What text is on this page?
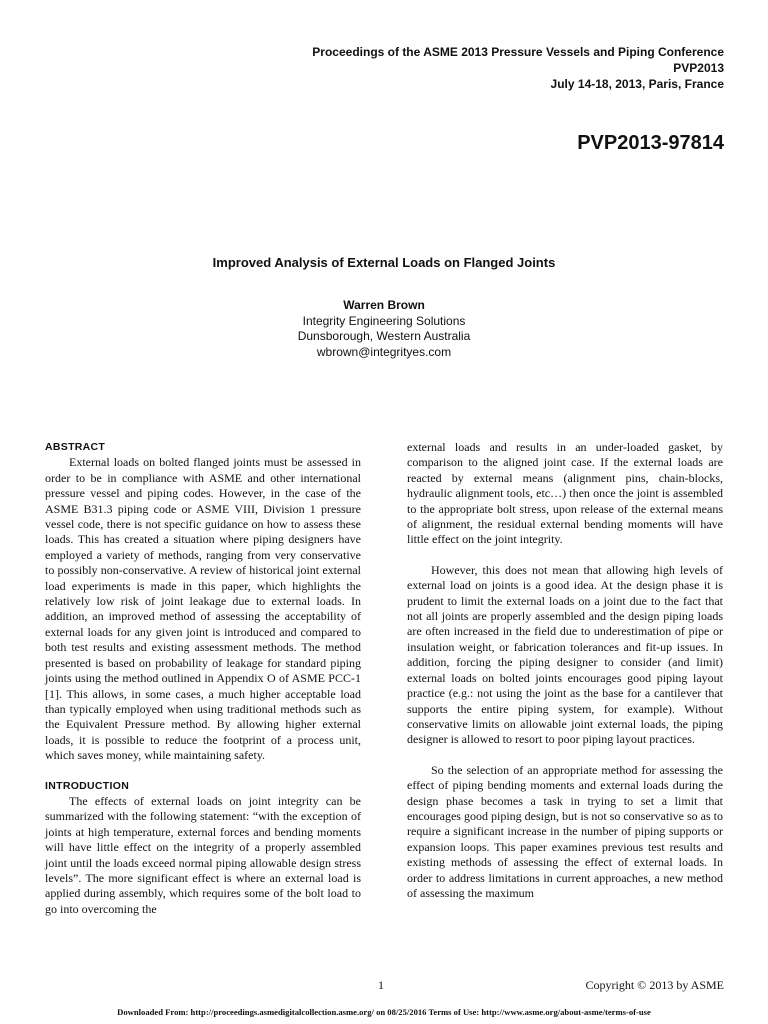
Proceedings of the ASME 2013 Pressure Vessels and Piping Conference
PVP2013
July 14-18, 2013, Paris, France
PVP2013-97814
Improved Analysis of External Loads on Flanged Joints
Warren Brown
Integrity Engineering Solutions
Dunsborough, Western Australia
wbrown@integrityes.com
ABSTRACT

External loads on bolted flanged joints must be assessed in order to be in compliance with ASME and other international pressure vessel and piping codes. However, in the case of the ASME B31.3 piping code or ASME VIII, Division 1 pressure vessel code, there is not specific guidance on how to assess these loads. This has created a situation where piping designers have employed a variety of methods, ranging from very conservative to possibly non-conservative. A review of historical joint external load experiments is made in this paper, which highlights the relatively low risk of joint leakage due to external loads. In addition, an improved method of assessing the acceptability of external loads for any given joint is introduced and compared to both test results and existing assessment methods. The method presented is based on probability of leakage for standard piping joints using the method outlined in Appendix O of ASME PCC-1 [1]. This allows, in some cases, a much higher acceptable load than typically employed when using traditional methods such as the Equivalent Pressure method. By allowing higher external loads, it is possible to reduce the footprint of a process unit, which saves money, while maintaining safety.

INTRODUCTION

The effects of external loads on joint integrity can be summarized with the following statement: “with the exception of joints at high temperature, external forces and bending moments will have little effect on the integrity of a properly assembled joint until the loads exceed normal piping allowable design stress levels”. The more significant effect is where an external load is applied during assembly, which requires some of the bolt load to go into overcoming the

external loads and results in an under-loaded gasket, by comparison to the aligned joint case. If the external loads are reacted by external means (alignment pins, chain-blocks, hydraulic alignment tools, etc…) then once the joint is assembled to the appropriate bolt stress, upon release of the external means of alignment, the residual external bending moments will have little effect on the joint integrity.

However, this does not mean that allowing high levels of external load on joints is a good idea. At the design phase it is prudent to limit the external loads on a joint due to the fact that not all joints are properly assembled and the design piping loads are often increased in the field due to underestimation of pipe or insulation weight, or fabrication tolerances and fit-up issues. In addition, forcing the piping designer to consider (and limit) external loads on bolted joints encourages good piping layout practice (e.g.: not using the joint as the base for a cantilever that supports the entire piping system, for example). Without conservative limits on allowable joint external loads, the piping designer is allowed to resort to poor piping layout practices.

So the selection of an appropriate method for assessing the effect of piping bending moments and external loads during the design phase becomes a task in trying to set a limit that encourages good piping design, but is not so conservative so as to require a significant increase in the number of piping supports or expansion loops. This paper examines previous test results and existing methods of assessing the effect of external loads. In order to address limitations in current approaches, a new method of assessing the maximum

1	Copyright © 2013 by ASME
Downloaded From: http://proceedings.asmedigitalcollection.asme.org/ on 08/25/2016 Terms of Use: http://www.asme.org/about-asme/terms-of-use
